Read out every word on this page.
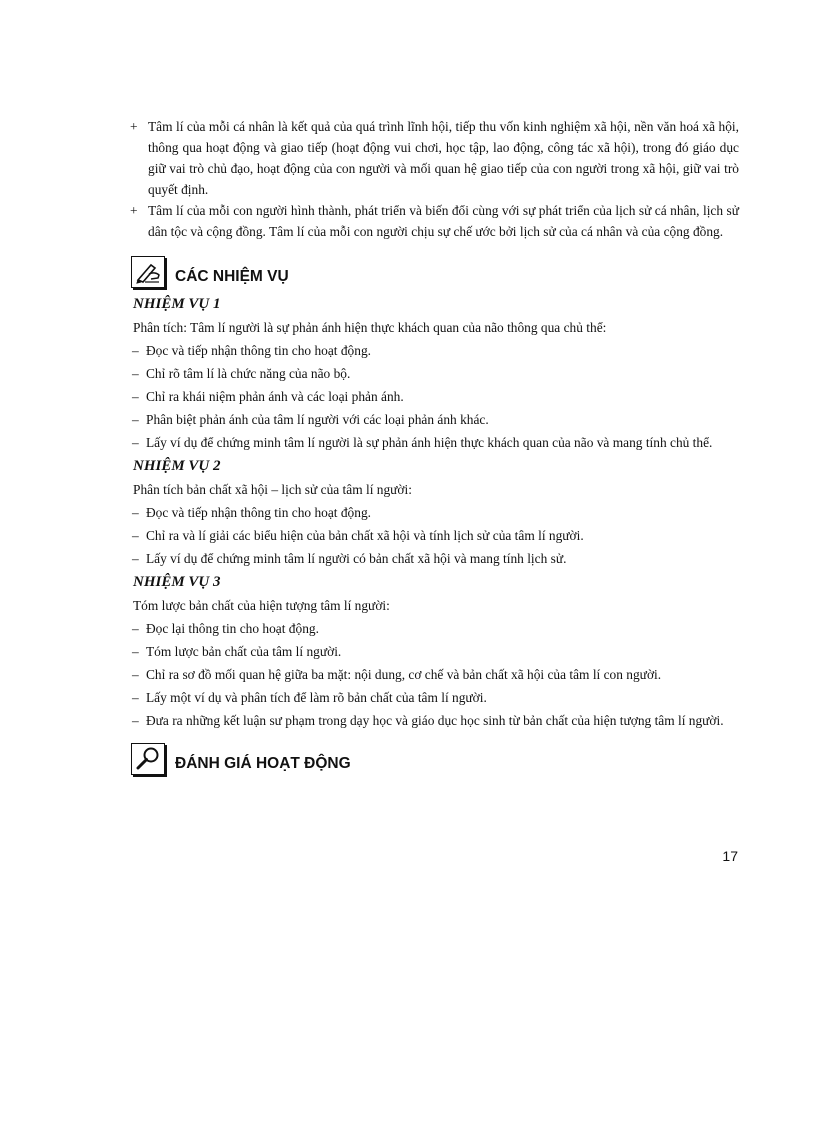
+ Tâm lí của mỗi cá nhân là kết quả của quá trình lĩnh hội, tiếp thu vốn kinh nghiệm xã hội, nền văn hoá xã hội, thông qua hoạt động và giao tiếp (hoạt động vui chơi, học tập, lao động, công tác xã hội), trong đó giáo dục giữ vai trò chủ đạo, hoạt động của con người và mối quan hệ giao tiếp của con người trong xã hội, giữ vai trò quyết định.

+ Tâm lí của mỗi con người hình thành, phát triển và biến đổi cùng với sự phát triển của lịch sử cá nhân, lịch sử dân tộc và cộng đồng. Tâm lí của mỗi con người chịu sự chế ước bởi lịch sử của cá nhân và của cộng đồng.

CÁC NHIỆM VỤ
NHIỆM VỤ 1

Phân tích: Tâm lí người là sự phản ánh hiện thực khách quan của não thông qua chủ thể:

– Đọc và tiếp nhận thông tin cho hoạt động.

– Chỉ rõ tâm lí là chức năng của não bộ.

– Chỉ ra khái niệm phản ánh và các loại phản ánh.

– Phân biệt phản ánh của tâm lí người với các loại phản ánh khác.

– Lấy ví dụ để chứng minh tâm lí người là sự phản ánh hiện thực khách quan của não và mang tính chủ thể.

NHIỆM VỤ 2

Phân tích bản chất xã hội – lịch sử của tâm lí người:

– Đọc và tiếp nhận thông tin cho hoạt động.

– Chỉ ra và lí giải các biểu hiện của bản chất xã hội và tính lịch sử của tâm lí người.

– Lấy ví dụ để chứng minh tâm lí người có bản chất xã hội và mang tính lịch sử.

NHIỆM VỤ 3

Tóm lược bản chất của hiện tượng tâm lí người:

– Đọc lại thông tin cho hoạt động.

– Tóm lược bản chất của tâm lí người.

– Chỉ ra sơ đồ mối quan hệ giữa ba mặt: nội dung, cơ chế và bản chất xã hội của tâm lí con người.

– Lấy một ví dụ và phân tích để làm rõ bản chất của tâm lí người.

– Đưa ra những kết luận sư phạm trong dạy học và giáo dục học sinh từ bản chất của hiện tượng tâm lí người.

ĐÁNH GIÁ HOẠT ĐỘNG
17
